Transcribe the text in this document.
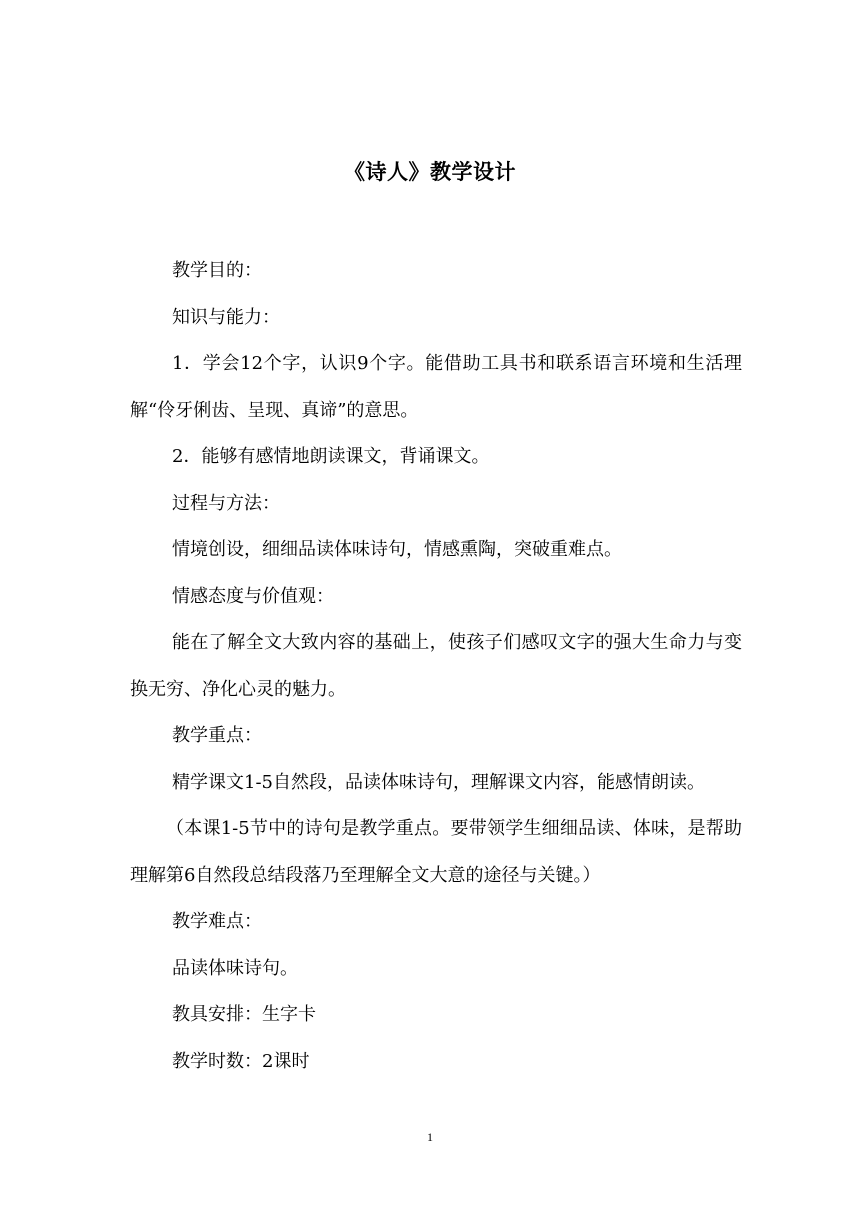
《诗人》教学设计

教学目的：

知识与能力：

1．学会12个字，认识9个字。能借助工具书和联系语言环境和生活理解“伶牙俐齿、呈现、真谛”的意思。

2．能够有感情地朗读课文，背诵课文。

过程与方法：

情境创设，细细品读体味诗句，情感熏陶，突破重难点。

情感态度与价值观：

能在了解全文大致内容的基础上，使孩子们感叹文字的强大生命力与变换无穷、净化心灵的魅力。

教学重点：

精学课文1-5自然段，品读体味诗句，理解课文内容，能感情朗读。

（本课1-5节中的诗句是教学重点。要带领学生细细品读、体味，是帮助理解第6自然段总结段落乃至理解全文大意的途径与关键。）

教学难点：

品读体味诗句。

教具安排：生字卡

教学时数：2课时

1
